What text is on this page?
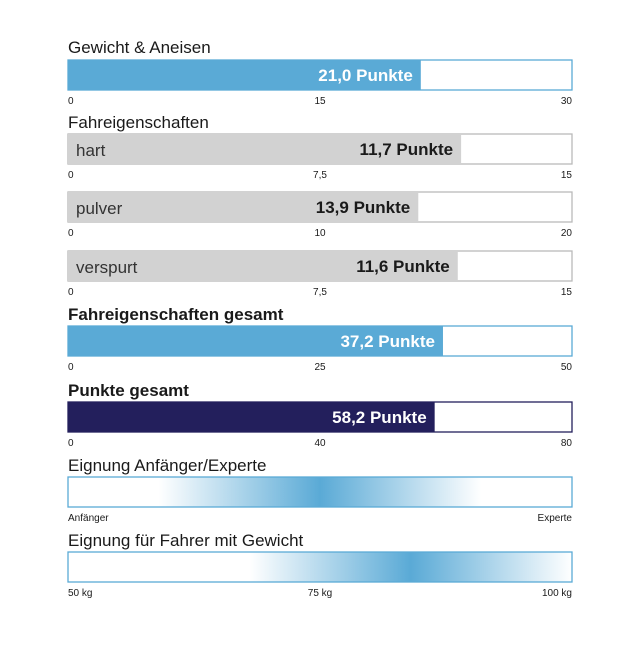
Gewicht & Aneisen
21,0 Punkte
0	15	30
Fahreigenschaften
11,7 Punkte
hart
0	7,5	15
13,9 Punkte
pulver
0	10	20
11,6 Punkte
verspurt
0	7,5	15
Fahreigenschaften gesamt
37,2 Punkte
0	25	50
Punkte gesamt
58,2 Punkte
0	40	80
Eignung Anfänger/Experte
Anfänger	Experte
Eignung für Fahrer mit Gewicht
50 kg	75 kg	100 kg
